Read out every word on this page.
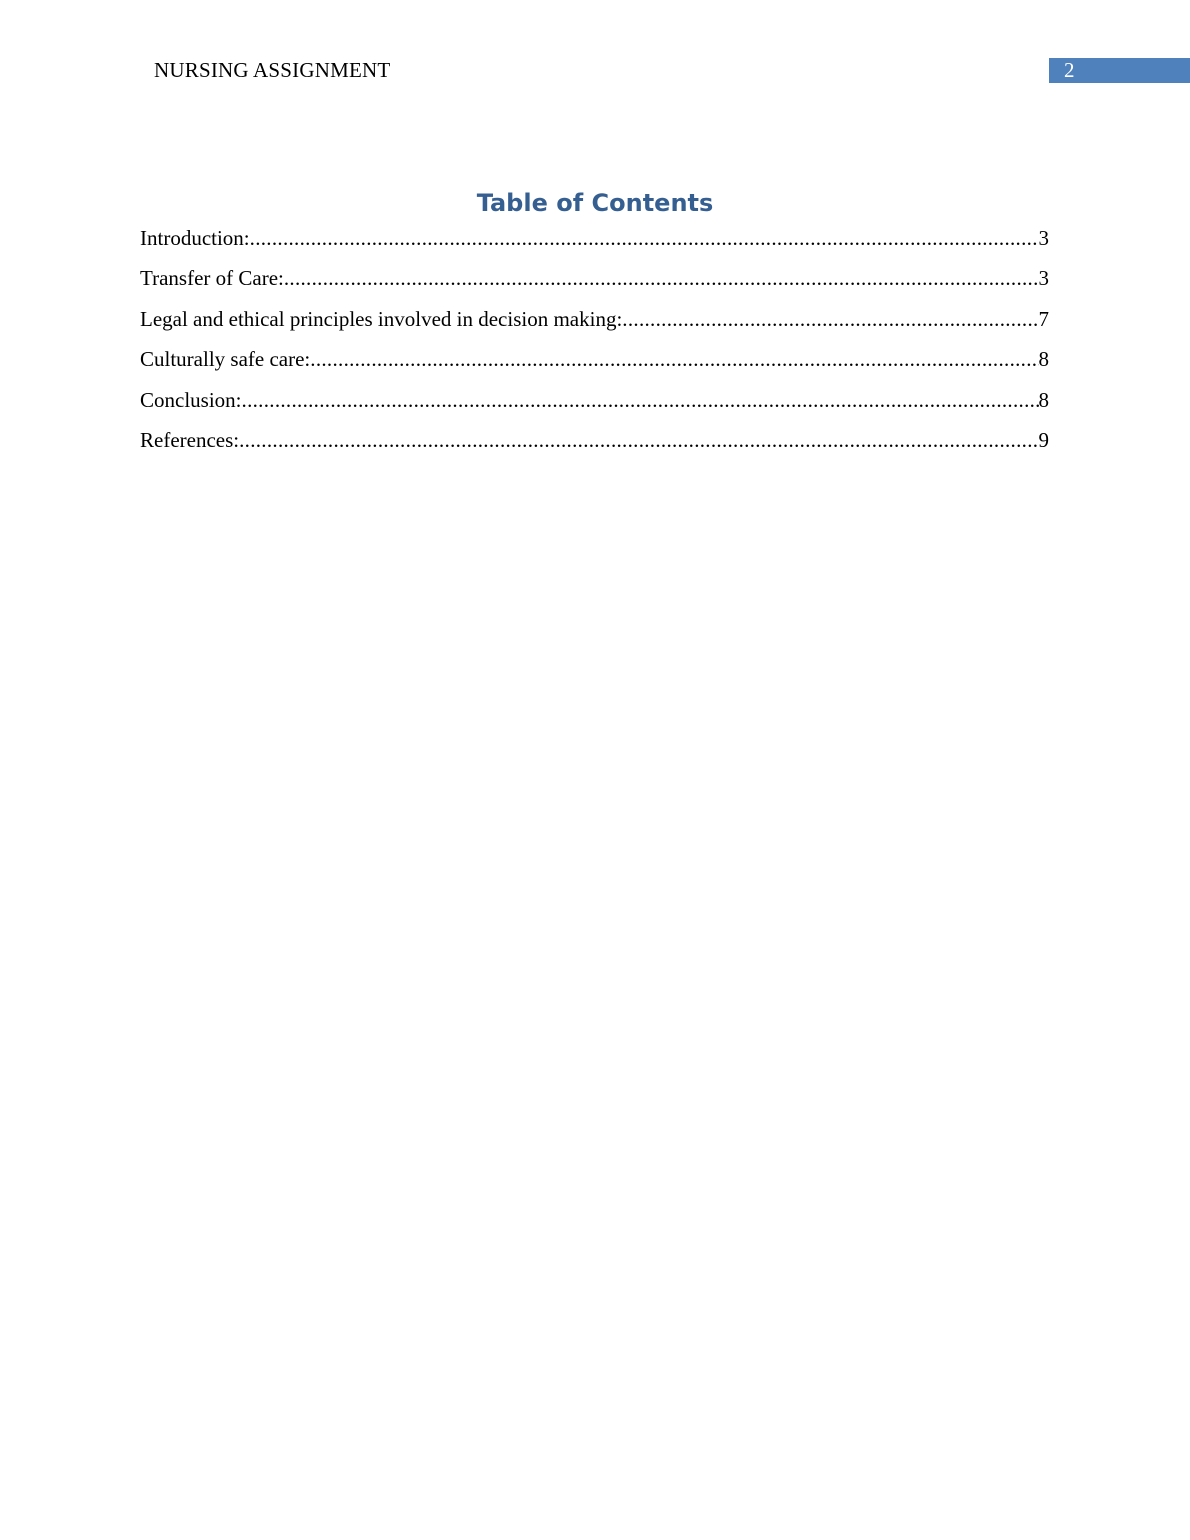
NURSING ASSIGNMENT	2
Table of Contents
Introduction: .....	3
Transfer of Care: .....	3
Legal and ethical principles involved in decision making: .....	7
Culturally safe care: .....	8
Conclusion: .....	8
References: .....	9
